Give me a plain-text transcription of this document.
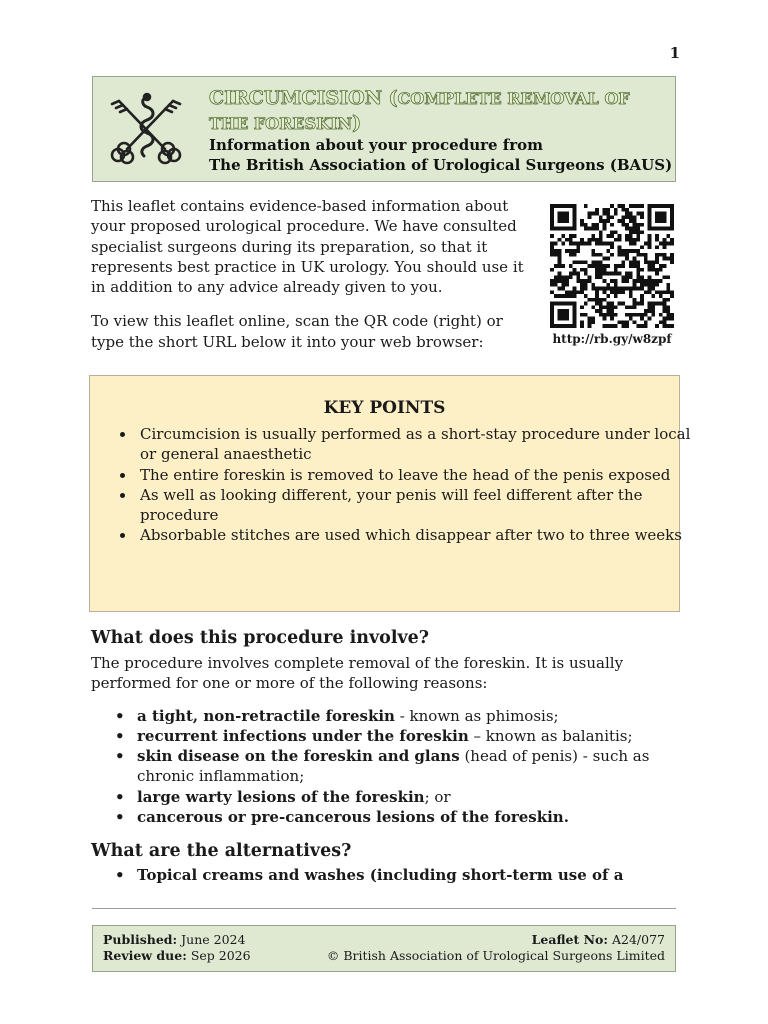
1
CIRCUMCISION (COMPLETE REMOVAL OF THE FORESKIN)
Information about your procedure from
The British Association of Urological Surgeons (BAUS)

This leaflet contains evidence-based information about your proposed urological procedure. We have consulted specialist surgeons during its preparation, so that it represents best practice in UK urology. You should use it in addition to any advice already given to you.

To view this leaflet online, scan the QR code (right) or type the short URL below it into your web browser:	http://rb.gy/w8zpf
KEY POINTS
• Circumcision is usually performed as a short-stay procedure under local or general anaesthetic
• The entire foreskin is removed to leave the head of the penis exposed
• As well as looking different, your penis will feel different after the procedure
• Absorbable stitches are used which disappear after two to three weeks
What does this procedure involve?

The procedure involves complete removal of the foreskin. It is usually performed for one or more of the following reasons:

• a tight, non-retractile foreskin - known as phimosis;
• recurrent infections under the foreskin – known as balanitis;
• skin disease on the foreskin and glans (head of penis) - such as chronic inflammation;
• large warty lesions of the foreskin; or
• cancerous or pre-cancerous lesions of the foreskin.
What are the alternatives?
• Topical creams and washes (including short-term use of a
Published: June 2024
Review due: Sep 2026
Leaflet No: A24/077
© British Association of Urological Surgeons Limited
